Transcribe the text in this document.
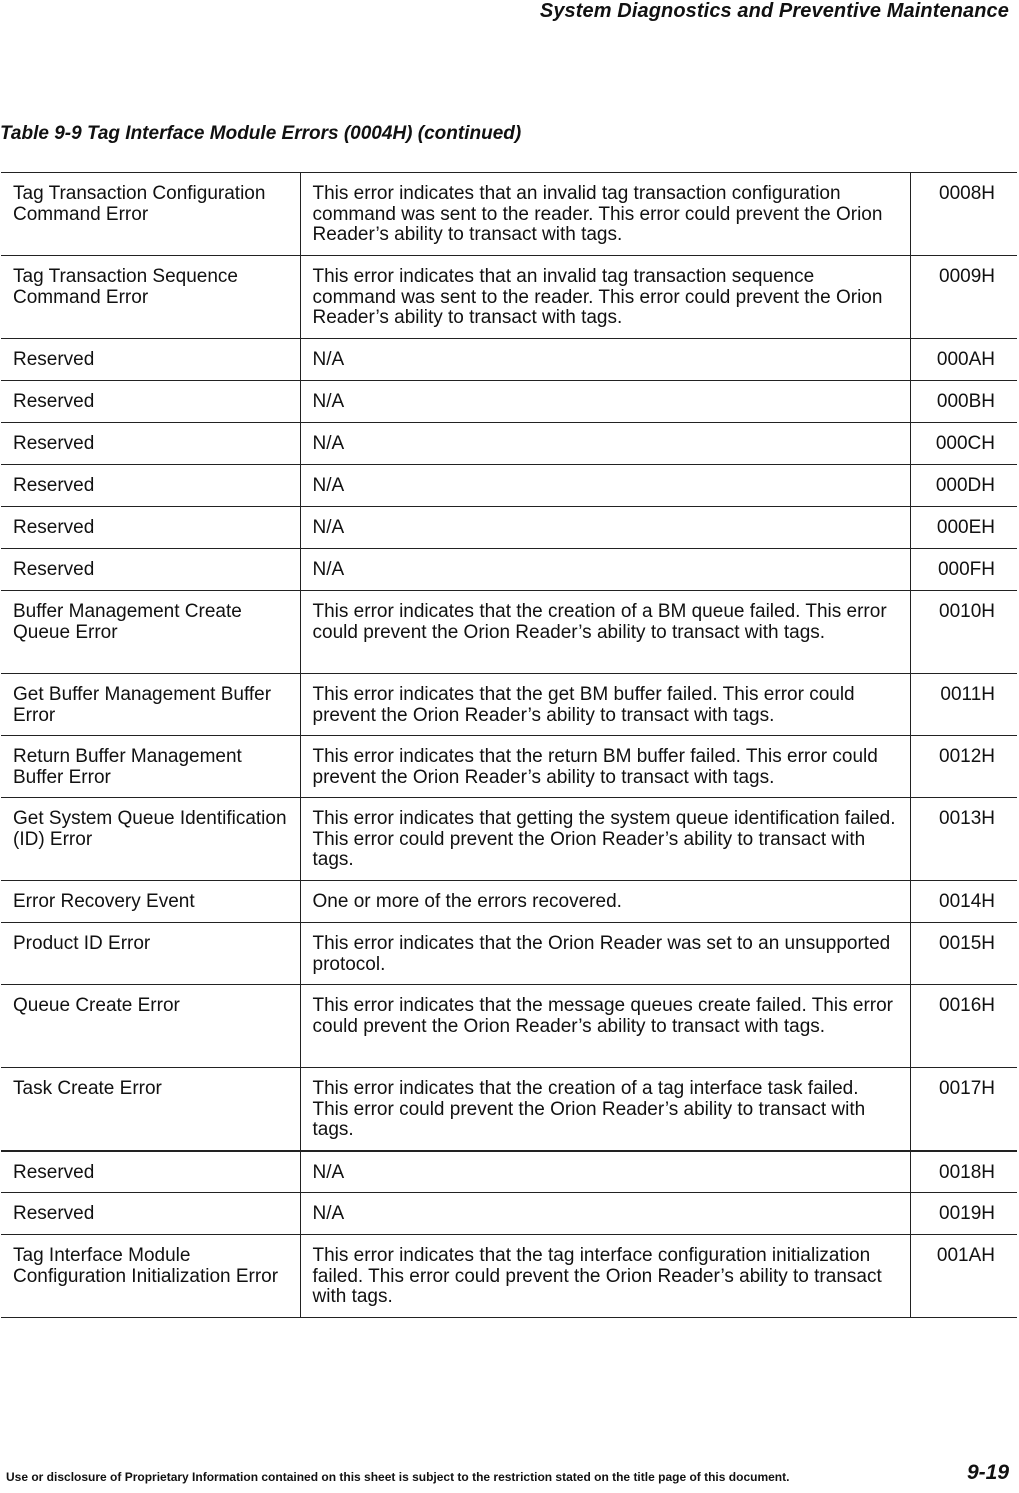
System Diagnostics and Preventive Maintenance
Table 9-9 Tag Interface Module Errors (0004H) (continued)
Tag Transaction Configuration Command Error	This error indicates that an invalid tag transaction configuration command was sent to the reader. This error could prevent the Orion Reader’s ability to transact with tags.	0008H
Tag Transaction Sequence Command Error	This error indicates that an invalid tag transaction sequence command was sent to the reader. This error could prevent the Orion Reader’s ability to transact with tags.	0009H
Reserved	N/A	000AH
Reserved	N/A	000BH
Reserved	N/A	000CH
Reserved	N/A	000DH
Reserved	N/A	000EH
Reserved	N/A	000FH
Buffer Management Create Queue Error	This error indicates that the creation of a BM queue failed. This error could prevent the Orion Reader’s ability to transact with tags.	0010H
Get Buffer Management Buffer Error	This error indicates that the get BM buffer failed. This error could prevent the Orion Reader’s ability to transact with tags.	0011H
Return Buffer Management Buffer Error	This error indicates that the return BM buffer failed. This error could prevent the Orion Reader’s ability to transact with tags.	0012H
Get System Queue Identification (ID) Error	This error indicates that getting the system queue identification failed. This error could prevent the Orion Reader’s ability to transact with tags.	0013H
Error Recovery Event	One or more of the errors recovered.	0014H
Product ID Error	This error indicates that the Orion Reader was set to an unsupported protocol.	0015H
Queue Create Error	This error indicates that the message queues create failed. This error could prevent the Orion Reader’s ability to transact with tags.	0016H
Task Create Error	This error indicates that the creation of a tag interface task failed. This error could prevent the Orion Reader’s ability to transact with tags.	0017H
Reserved	N/A	0018H
Reserved	N/A	0019H
Tag Interface Module Configuration Initialization Error	This error indicates that the tag interface configuration initialization failed. This error could prevent the Orion Reader’s ability to transact with tags.	001AH
Use or disclosure of Proprietary Information contained on this sheet is subject to the restriction stated on the title page of this document.	9-19
